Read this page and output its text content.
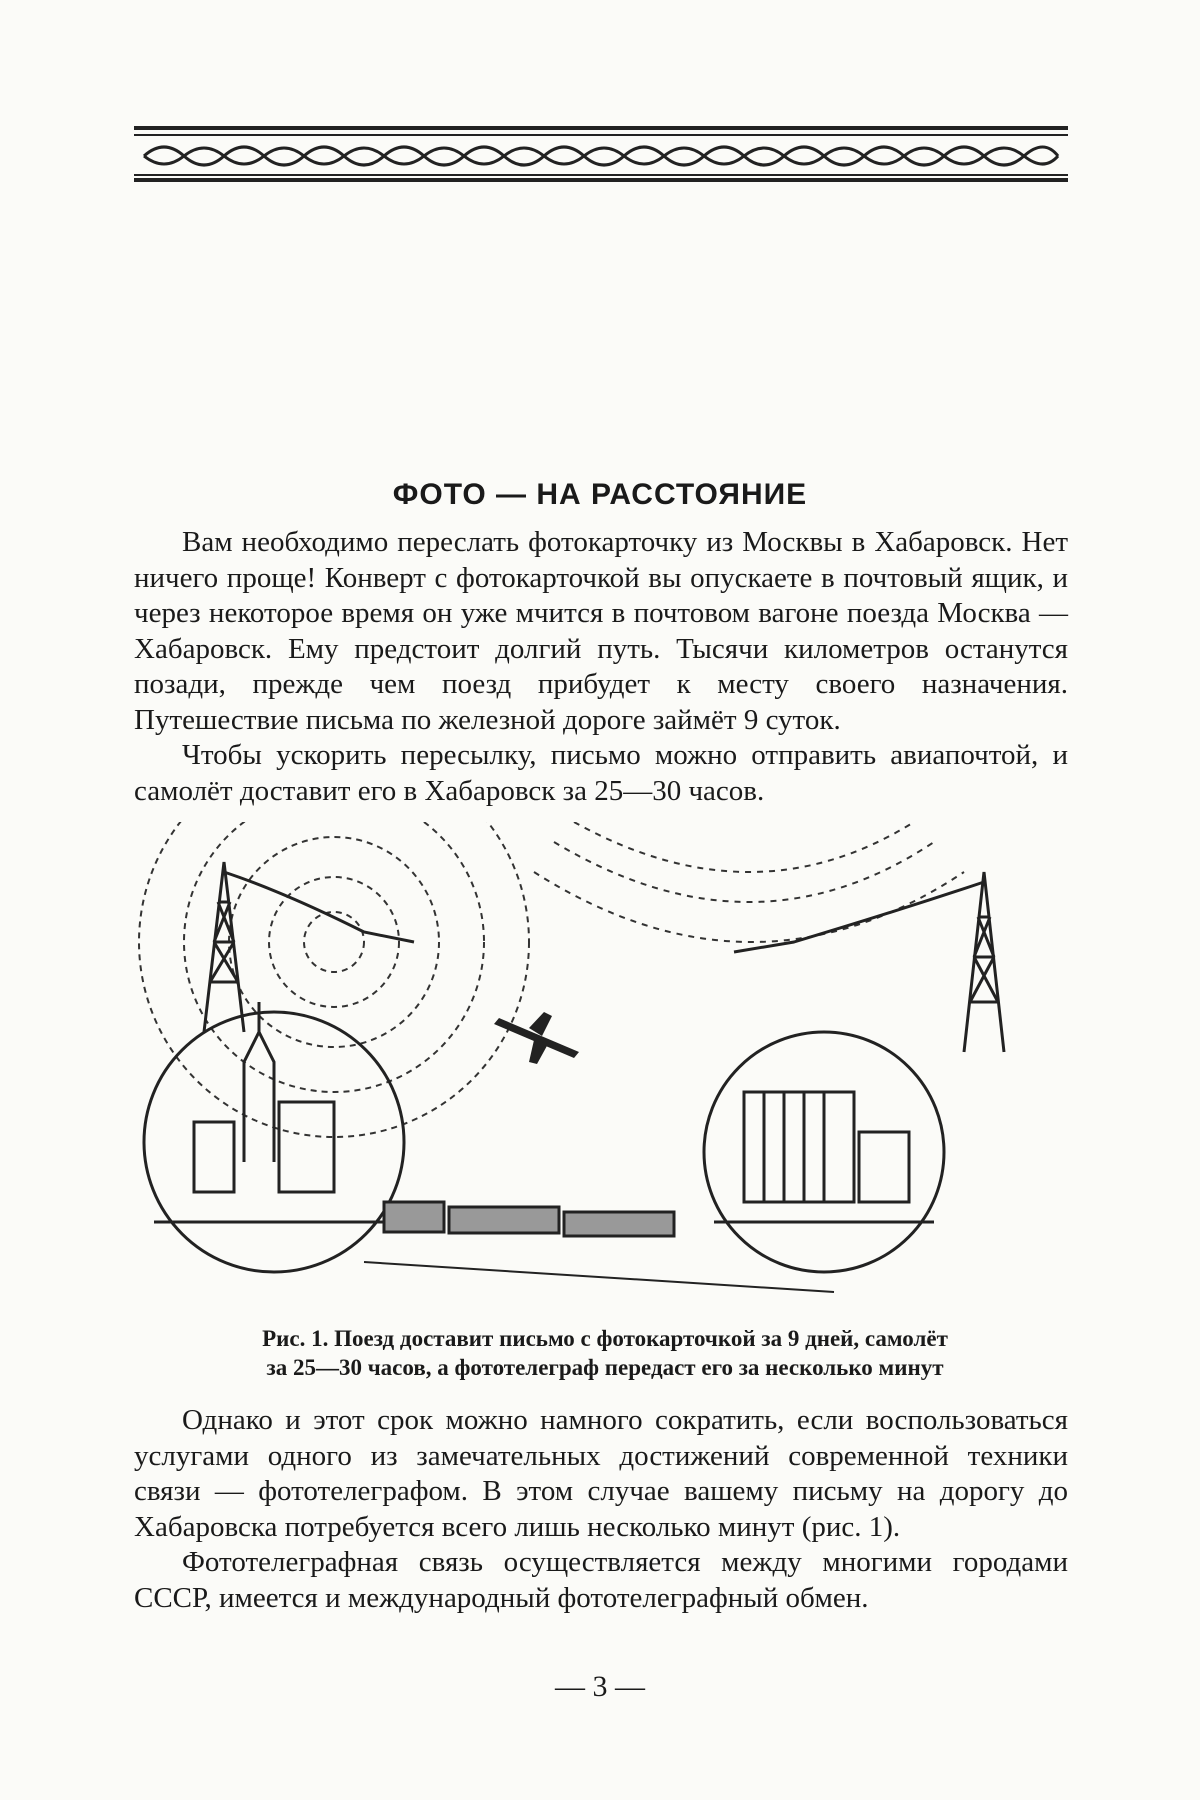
ФОТО — НА РАССТОЯНИЕ

Вам необходимо переслать фотокарточку из Москвы в Хабаровск. Нет ничего проще! Конверт с фотокарточкой вы опускаете в почтовый ящик, и через некоторое время он уже мчится в почтовом вагоне поезда Москва — Хабаровск. Ему предстоит долгий путь. Тысячи километров останутся позади, прежде чем поезд прибудет к месту своего назначения. Путешествие письма по железной дороге займёт 9 суток.

Чтобы ускорить пересылку, письмо можно отправить авиапочтой, и самолёт доставит его в Хабаровск за 25—30 часов.

Рис. 1. Поезд доставит письмо с фотокарточкой за 9 дней, самолёт
за 25—30 часов, а фототелеграф передаст его за несколько минут

Однако и этот срок можно намного сократить, если воспользоваться услугами одного из замечательных достижений современной техники связи — фототелеграфом. В этом случае вашему письму на дорогу до Хабаровска потребуется всего лишь несколько минут (рис. 1).

Фототелеграфная связь осуществляется между многими городами СССР, имеется и международный фототелеграфный обмен.

— 3 —
